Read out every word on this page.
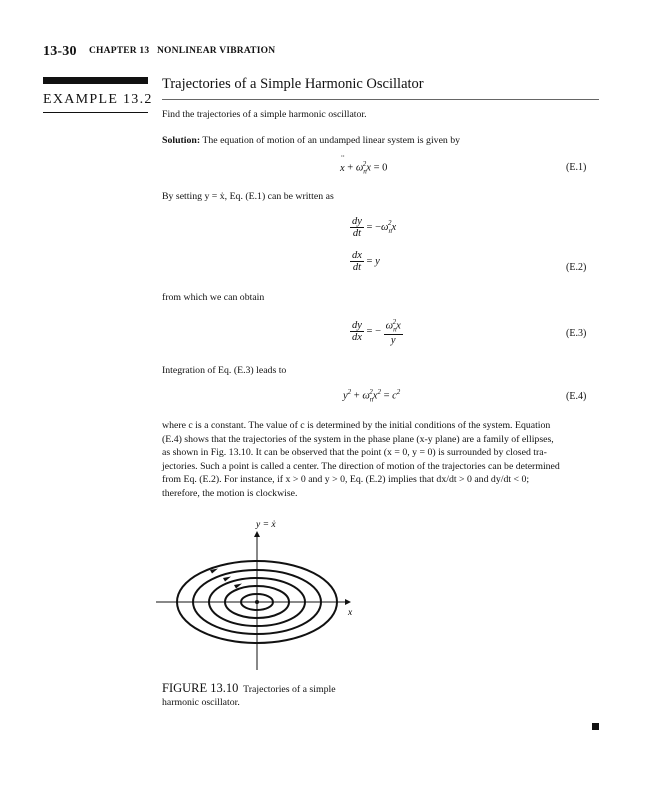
13-30 CHAPTER 13 NONLINEAR VIBRATION
EXAMPLE 13.2
Trajectories of a Simple Harmonic Oscillator
Find the trajectories of a simple harmonic oscillator.
Solution: The equation of motion of an undamped linear system is given by
x
¨
+ $\omega_n^2x = 0$	(E.1)
By setting y = ẋ, Eq. (E.1) can be written as
$\frac{dy}{dt} = -\omega_n^2x$
$\frac{dx}{dt} = y$
(E.2)
from which we can obtain
$\frac{dy}{dx}$ = − $\frac{\omega_n^2x}{y}$	(E.3)
Integration of Eq. (E.3) leads to
$y^2 + \omega_n^2x^2 = c^2$	(E.4)
where c is a constant. The value of c is determined by the initial conditions of the system. Equation
(E.4) shows that the trajectories of the system in the phase plane (x-y plane) are a family of ellipses,
as shown in Fig. 13.10. It can be observed that the point (x = 0, y = 0) is surrounded by closed tra-
jectories. Such a point is called a center. The direction of motion of the trajectories can be determined
from Eq. (E.2). For instance, if x > 0 and y > 0, Eq. (E.2) implies that dx/dt > 0 and dy/dt < 0;
therefore, the motion is clockwise.
y = ẋ
x
FIGURE 13.10 Trajectories of a simple harmonic oscillator.
